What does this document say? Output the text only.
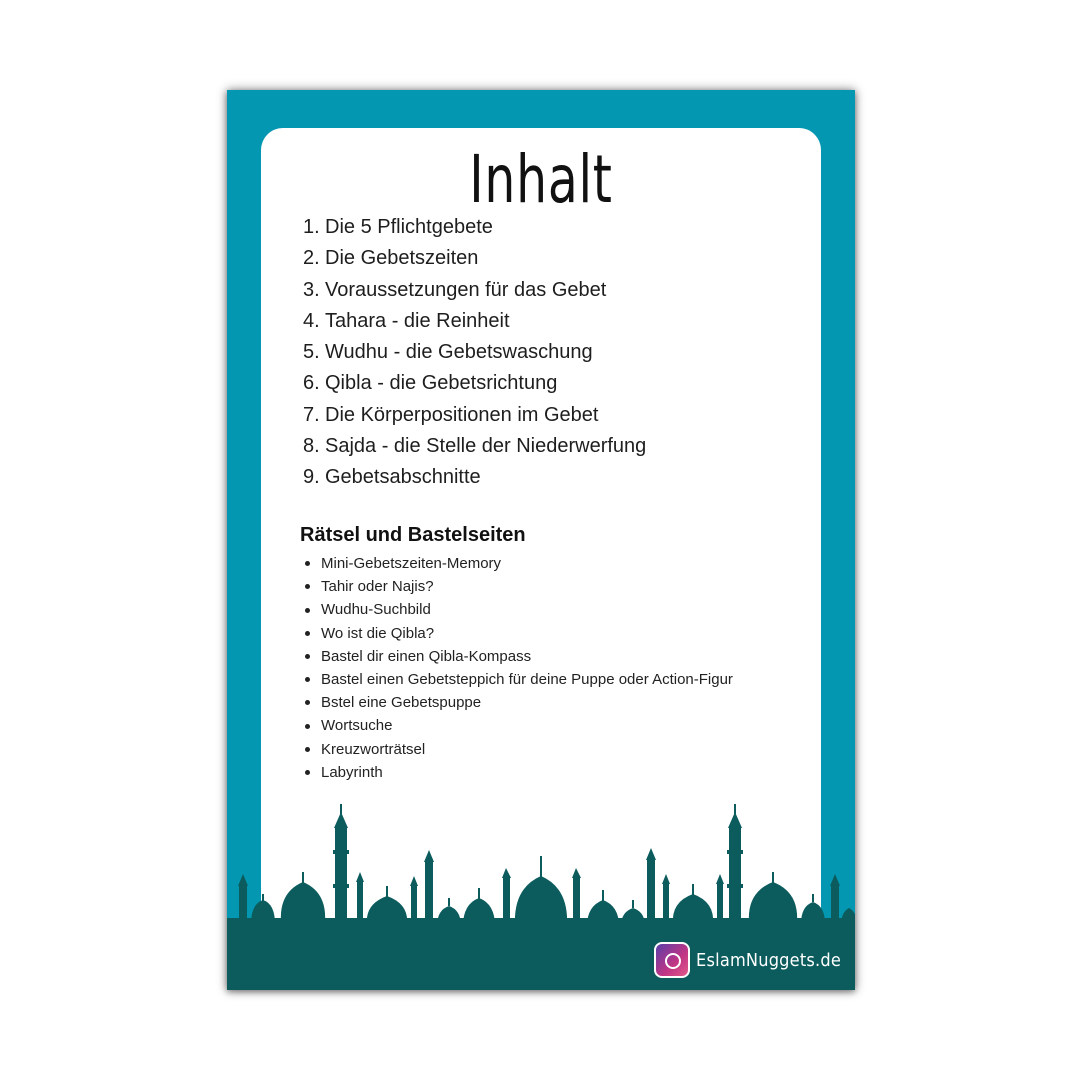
Inhalt
1. Die 5 Pflichtgebete
2. Die Gebetszeiten
3. Voraussetzungen für das Gebet
4. Tahara - die Reinheit
5. Wudhu - die Gebetswaschung
6. Qibla - die Gebetsrichtung
7. Die Körperpositionen im Gebet
8. Sajda - die Stelle der Niederwerfung
9. Gebetsabschnitte
Rätsel und Bastelseiten
Mini-Gebetszeiten-Memory
Tahir oder Najis?
Wudhu-Suchbild
Wo ist die Qibla?
Bastel dir einen Qibla-Kompass
Bastel einen Gebetsteppich für deine Puppe oder Action-Figur
Bstel eine Gebetspuppe
Wortsuche
Kreuzworträtsel
Labyrinth
EslamNuggets.de
